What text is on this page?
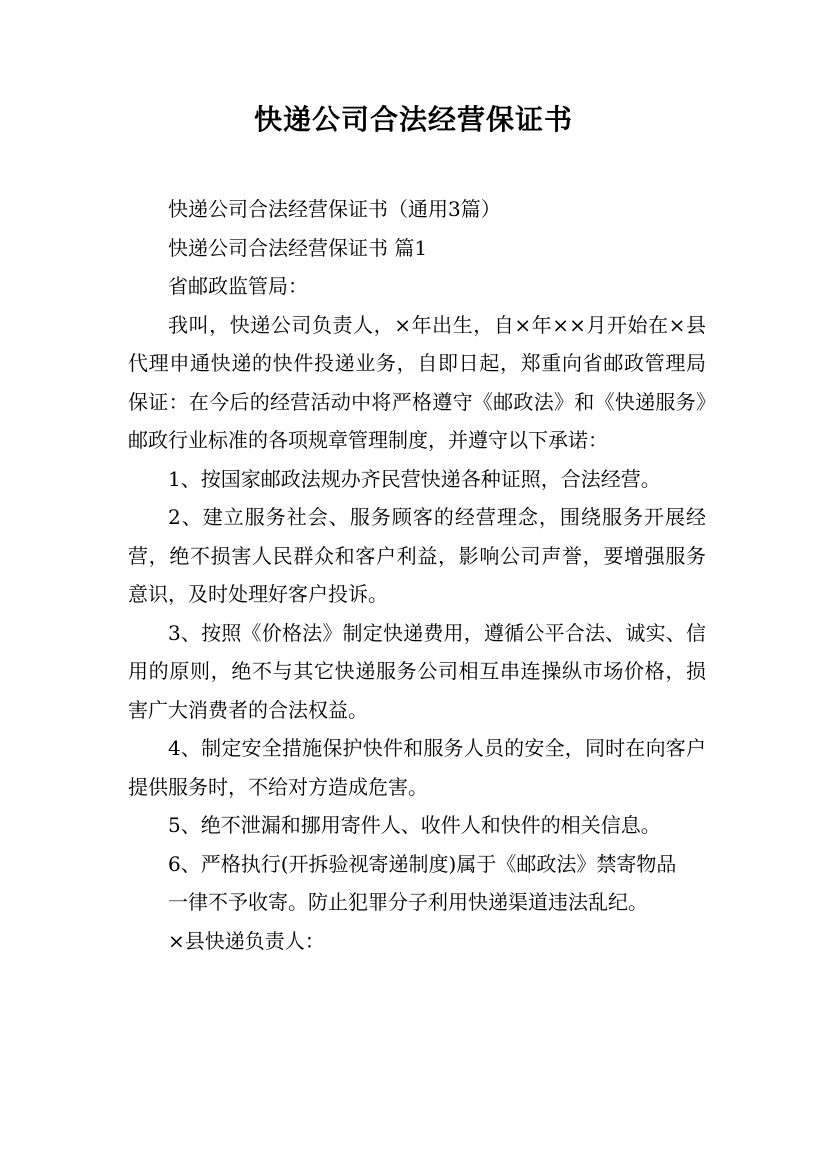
快递公司合法经营保证书

快递公司合法经营保证书（通用3篇）

快递公司合法经营保证书 篇1

省邮政监管局：

我叫，快递公司负责人，×年出生，自×年××月开始在×县代理申通快递的快件投递业务，自即日起，郑重向省邮政管理局保证：在今后的经营活动中将严格遵守《邮政法》和《快递服务》邮政行业标准的各项规章管理制度，并遵守以下承诺：

1、按国家邮政法规办齐民营快递各种证照，合法经营。

2、建立服务社会、服务顾客的经营理念，围绕服务开展经营，绝不损害人民群众和客户利益，影响公司声誉，要增强服务意识，及时处理好客户投诉。

3、按照《价格法》制定快递费用，遵循公平合法、诚实、信用的原则，绝不与其它快递服务公司相互串连操纵市场价格，损害广大消费者的合法权益。

4、制定安全措施保护快件和服务人员的安全，同时在向客户提供服务时，不给对方造成危害。

5、绝不泄漏和挪用寄件人、收件人和快件的相关信息。

6、严格执行(开拆验视寄递制度)属于《邮政法》禁寄物品

一律不予收寄。防止犯罪分子利用快递渠道违法乱纪。

×县快递负责人：
